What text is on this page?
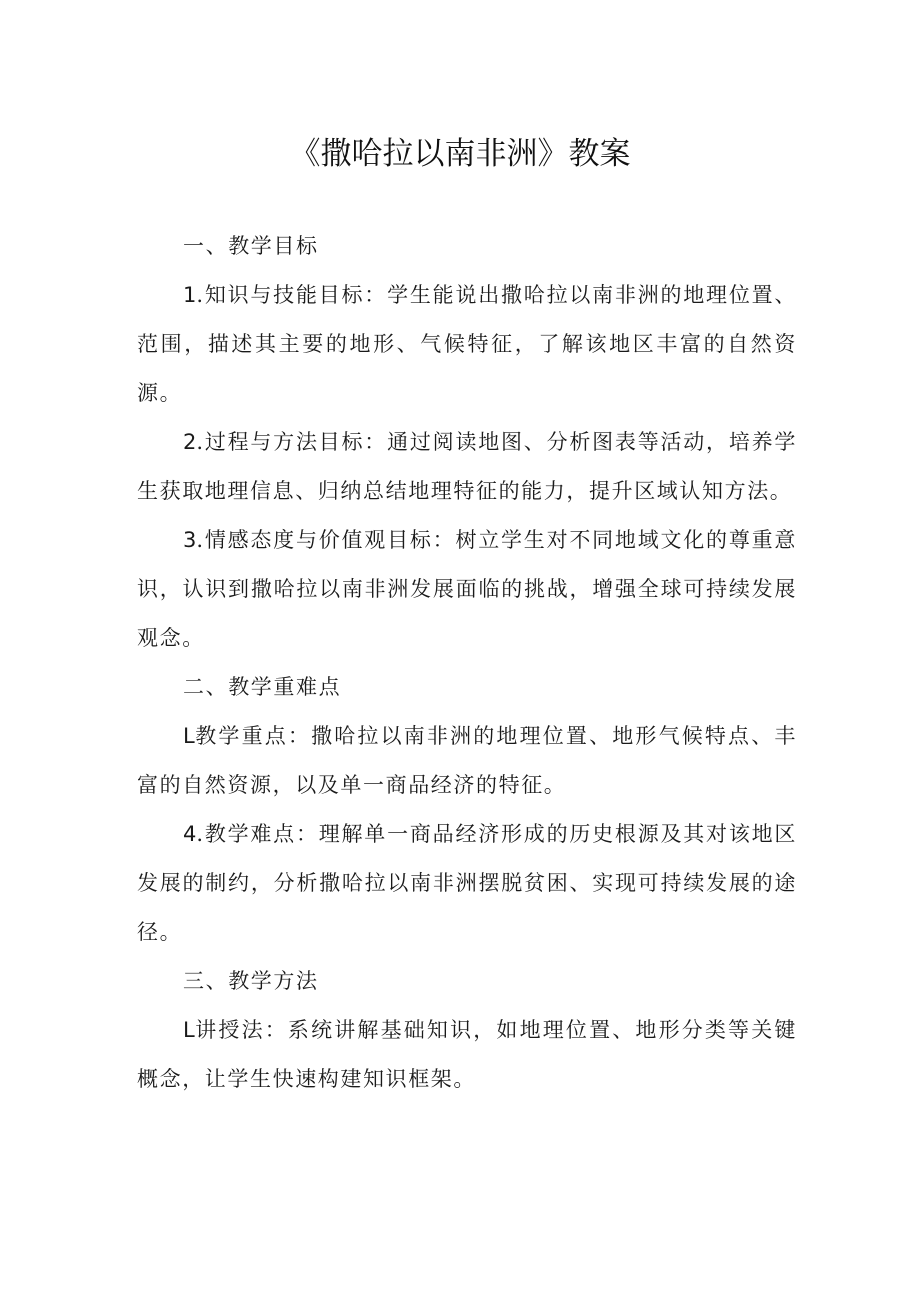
《撒哈拉以南非洲》教案

一、教学目标

1.知识与技能目标：学生能说出撒哈拉以南非洲的地理位置、范围，描述其主要的地形、气候特征，了解该地区丰富的自然资源。

2.过程与方法目标：通过阅读地图、分析图表等活动，培养学生获取地理信息、归纳总结地理特征的能力，提升区域认知方法。

3.情感态度与价值观目标：树立学生对不同地域文化的尊重意识，认识到撒哈拉以南非洲发展面临的挑战，增强全球可持续发展观念。

二、教学重难点

L教学重点：撒哈拉以南非洲的地理位置、地形气候特点、丰富的自然资源，以及单一商品经济的特征。

4.教学难点：理解单一商品经济形成的历史根源及其对该地区发展的制约，分析撒哈拉以南非洲摆脱贫困、实现可持续发展的途径。

三、教学方法

L讲授法：系统讲解基础知识，如地理位置、地形分类等关键概念，让学生快速构建知识框架。
